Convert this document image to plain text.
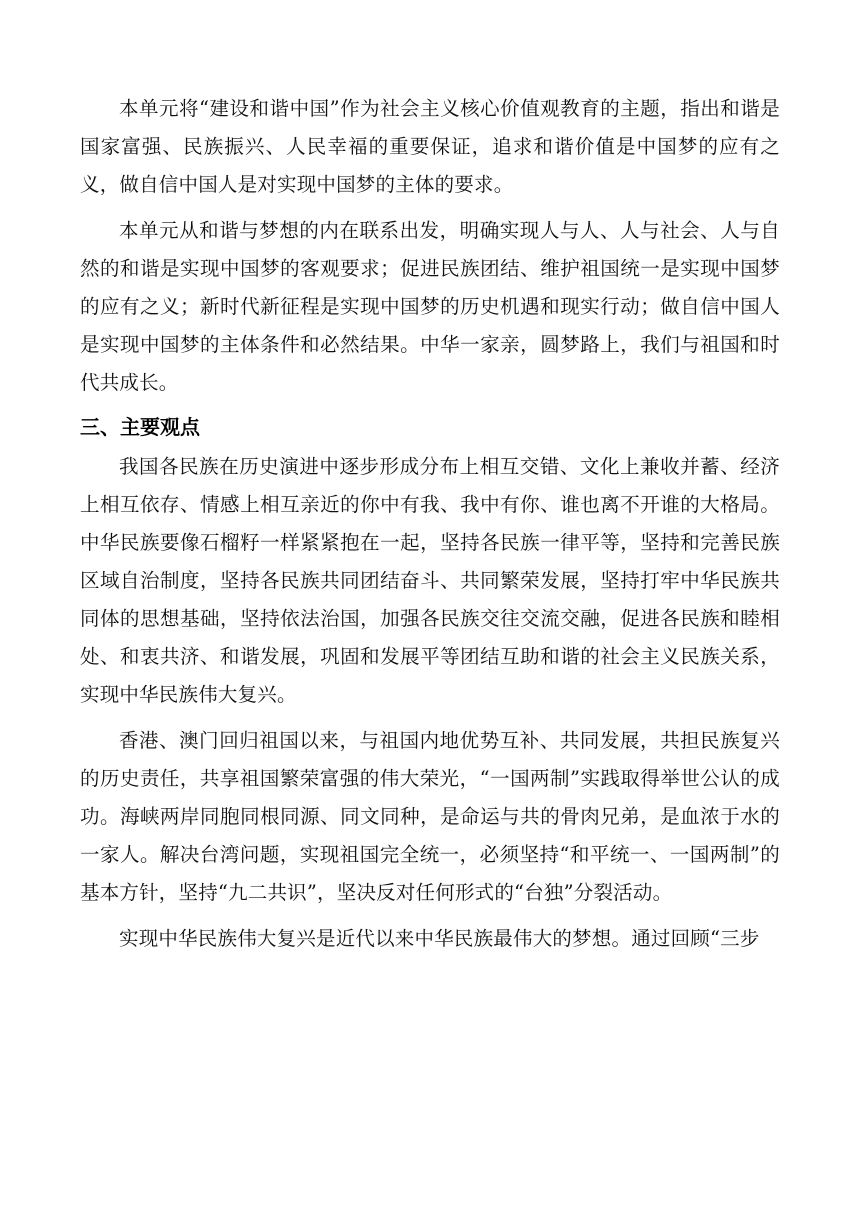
本单元将“建设和谐中国”作为社会主义核心价值观教育的主题，指出和谐是国家富强、民族振兴、人民幸福的重要保证，追求和谐价值是中国梦的应有之义，做自信中国人是对实现中国梦的主体的要求。

本单元从和谐与梦想的内在联系出发，明确实现人与人、人与社会、人与自然的和谐是实现中国梦的客观要求；促进民族团结、维护祖国统一是实现中国梦的应有之义；新时代新征程是实现中国梦的历史机遇和现实行动；做自信中国人是实现中国梦的主体条件和必然结果。中华一家亲，圆梦路上，我们与祖国和时代共成长。

三、主要观点

我国各民族在历史演进中逐步形成分布上相互交错、文化上兼收并蓄、经济上相互依存、情感上相互亲近的你中有我、我中有你、谁也离不开谁的大格局。中华民族要像石榴籽一样紧紧抱在一起，坚持各民族一律平等，坚持和完善民族区域自治制度，坚持各民族共同团结奋斗、共同繁荣发展，坚持打牢中华民族共同体的思想基础，坚持依法治国，加强各民族交往交流交融，促进各民族和睦相处、和衷共济、和谐发展，巩固和发展平等团结互助和谐的社会主义民族关系，实现中华民族伟大复兴。

香港、澳门回归祖国以来，与祖国内地优势互补、共同发展，共担民族复兴的历史责任，共享祖国繁荣富强的伟大荣光，“一国两制”实践取得举世公认的成功。海峡两岸同胞同根同源、同文同种，是命运与共的骨肉兄弟，是血浓于水的一家人。解决台湾问题，实现祖国完全统一，必须坚持“和平统一、一国两制”的基本方针，坚持“九二共识”，坚决反对任何形式的“台独”分裂活动。

实现中华民族伟大复兴是近代以来中华民族最伟大的梦想。通过回顾“三步
